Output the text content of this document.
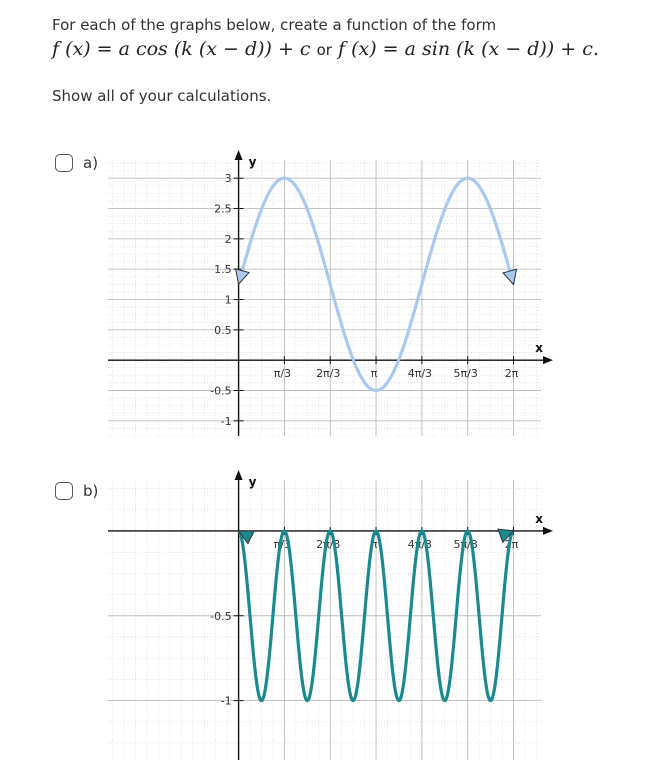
For each of the graphs below, create a function of the form
f (x) = a cos (k (x − d)) + c or f (x) = a sin (k (x − d)) + c.
Show all of your calculations.
a)
b)
x
y
π/3 2π/3	π	4π/3 5π/3 2π
3
2.5
2
1.5
1
0.5
-0.5
-1
x
y
π/3 2π/3	π	4π/3 5π/3 2π
-0.5
-1
